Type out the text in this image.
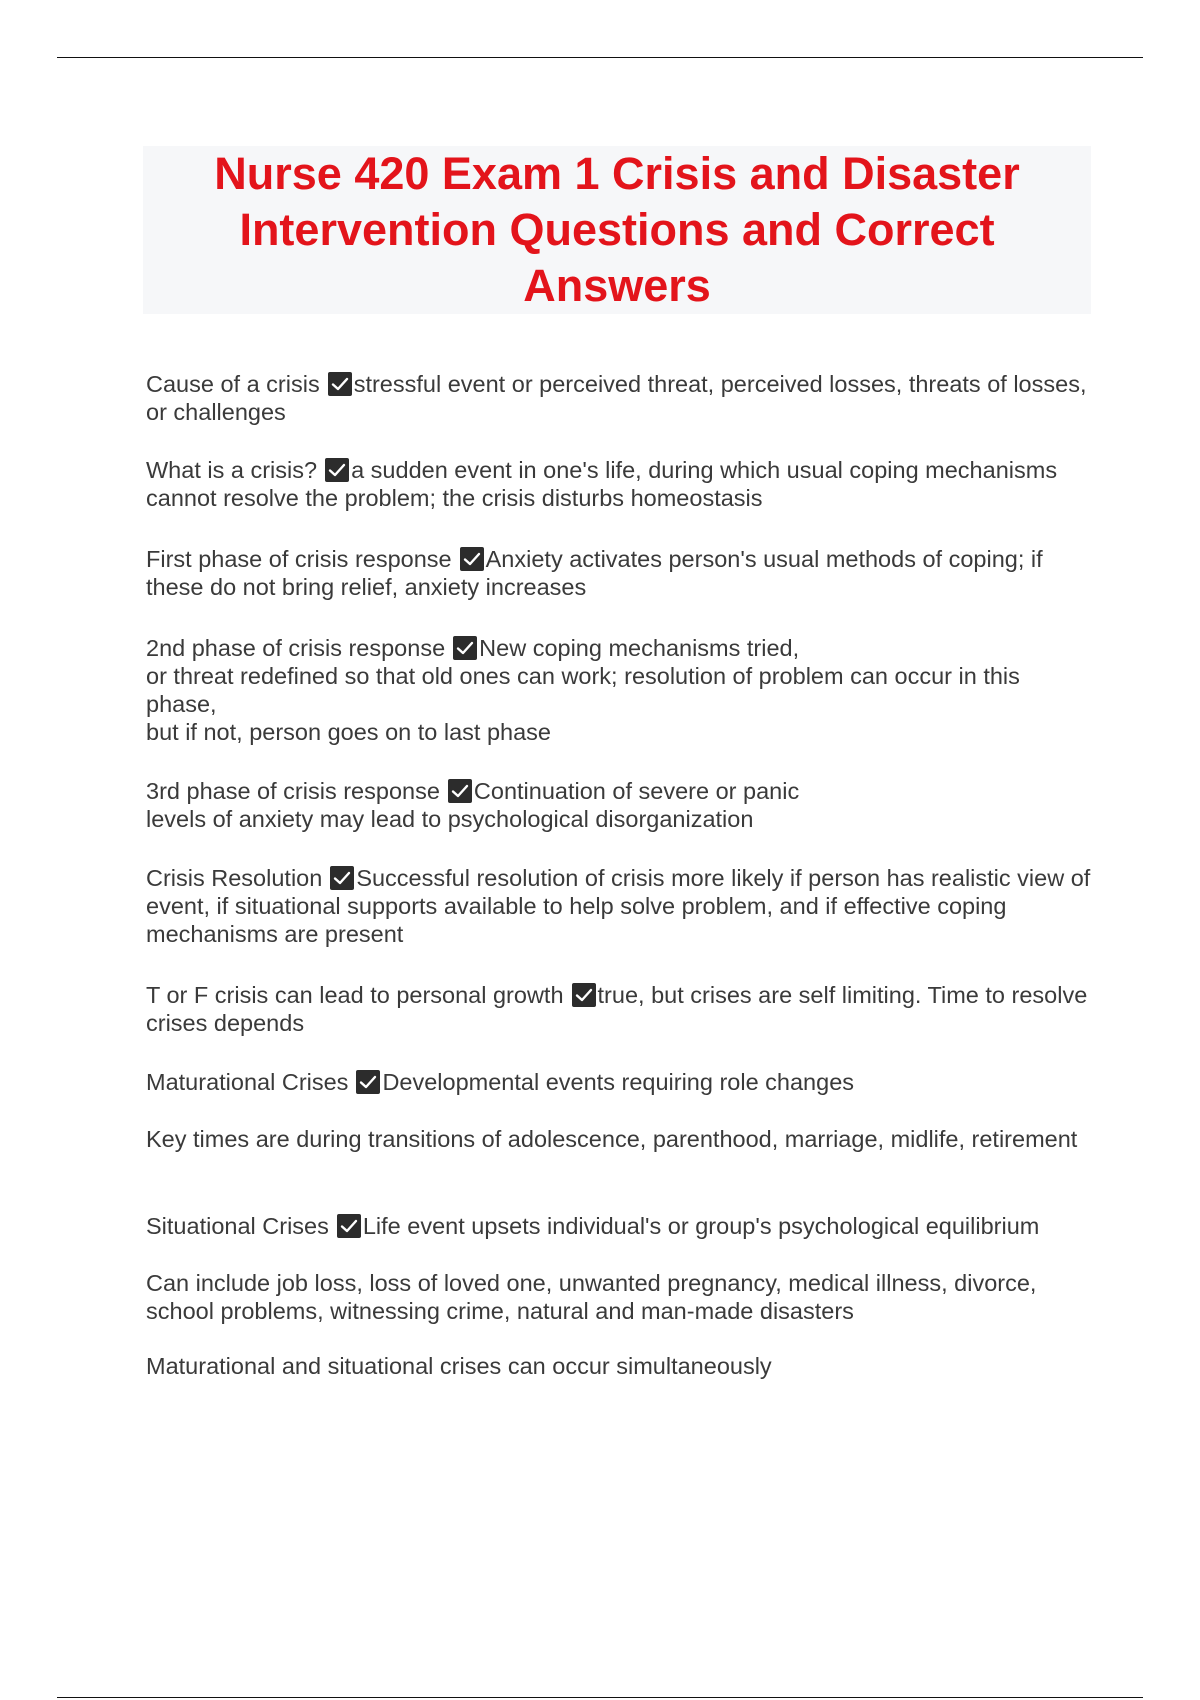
Nurse 420 Exam 1 Crisis and Disaster Intervention Questions and Correct Answers

Cause of a crisis stressful event or perceived threat, perceived losses, threats of losses, or challenges

What is a crisis? a sudden event in one's life, during which usual coping mechanisms cannot resolve the problem; the crisis disturbs homeostasis

First phase of crisis response Anxiety activates person's usual methods of coping; if these do not bring relief, anxiety increases

2nd phase of crisis response New coping mechanisms tried,
or threat redefined so that old ones can work; resolution of problem can occur in this phase,
but if not, person goes on to last phase

3rd phase of crisis response Continuation of severe or panic
levels of anxiety may lead to psychological disorganization

Crisis Resolution Successful resolution of crisis more likely if person has realistic view of event, if situational supports available to help solve problem, and if effective coping mechanisms are present

T or F crisis can lead to personal growth true, but crises are self limiting. Time to resolve crises depends

Maturational Crises Developmental events requiring role changes

Key times are during transitions of adolescence, parenthood, marriage, midlife, retirement

Situational Crises Life event upsets individual's or group's psychological equilibrium

Can include job loss, loss of loved one, unwanted pregnancy, medical illness, divorce, school problems, witnessing crime, natural and man-made disasters

Maturational and situational crises can occur simultaneously
